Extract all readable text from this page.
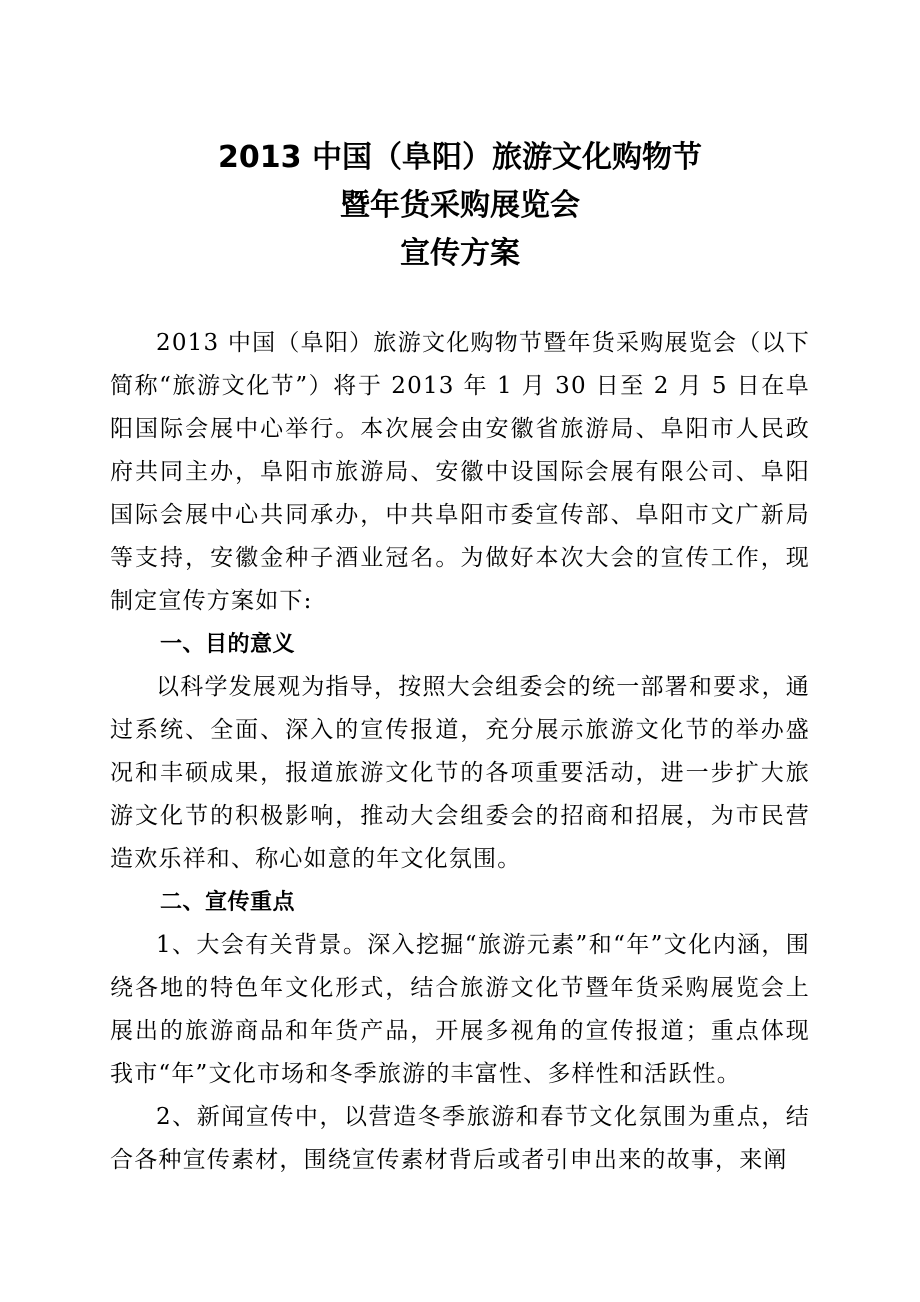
2013 中国（阜阳）旅游文化购物节
暨年货采购展览会
宣传方案

2013 中国（阜阳）旅游文化购物节暨年货采购展览会（以下简称“旅游文化节”）将于 2013 年 1 月 30 日至 2 月 5 日在阜阳国际会展中心举行。本次展会由安徽省旅游局、阜阳市人民政府共同主办，阜阳市旅游局、安徽中设国际会展有限公司、阜阳国际会展中心共同承办，中共阜阳市委宣传部、阜阳市文广新局等支持，安徽金种子酒业冠名。为做好本次大会的宣传工作，现制定宣传方案如下:

一、目的意义

以科学发展观为指导，按照大会组委会的统一部署和要求，通过系统、全面、深入的宣传报道，充分展示旅游文化节的举办盛况和丰硕成果，报道旅游文化节的各项重要活动，进一步扩大旅游文化节的积极影响，推动大会组委会的招商和招展，为市民营造欢乐祥和、称心如意的年文化氛围。

二、宣传重点

1、大会有关背景。深入挖掘“旅游元素”和“年”文化内涵，围绕各地的特色年文化形式，结合旅游文化节暨年货采购展览会上展出的旅游商品和年货产品，开展多视角的宣传报道；重点体现我市“年”文化市场和冬季旅游的丰富性、多样性和活跃性。

2、新闻宣传中，以营造冬季旅游和春节文化氛围为重点，结合各种宣传素材，围绕宣传素材背后或者引申出来的故事，来阐
